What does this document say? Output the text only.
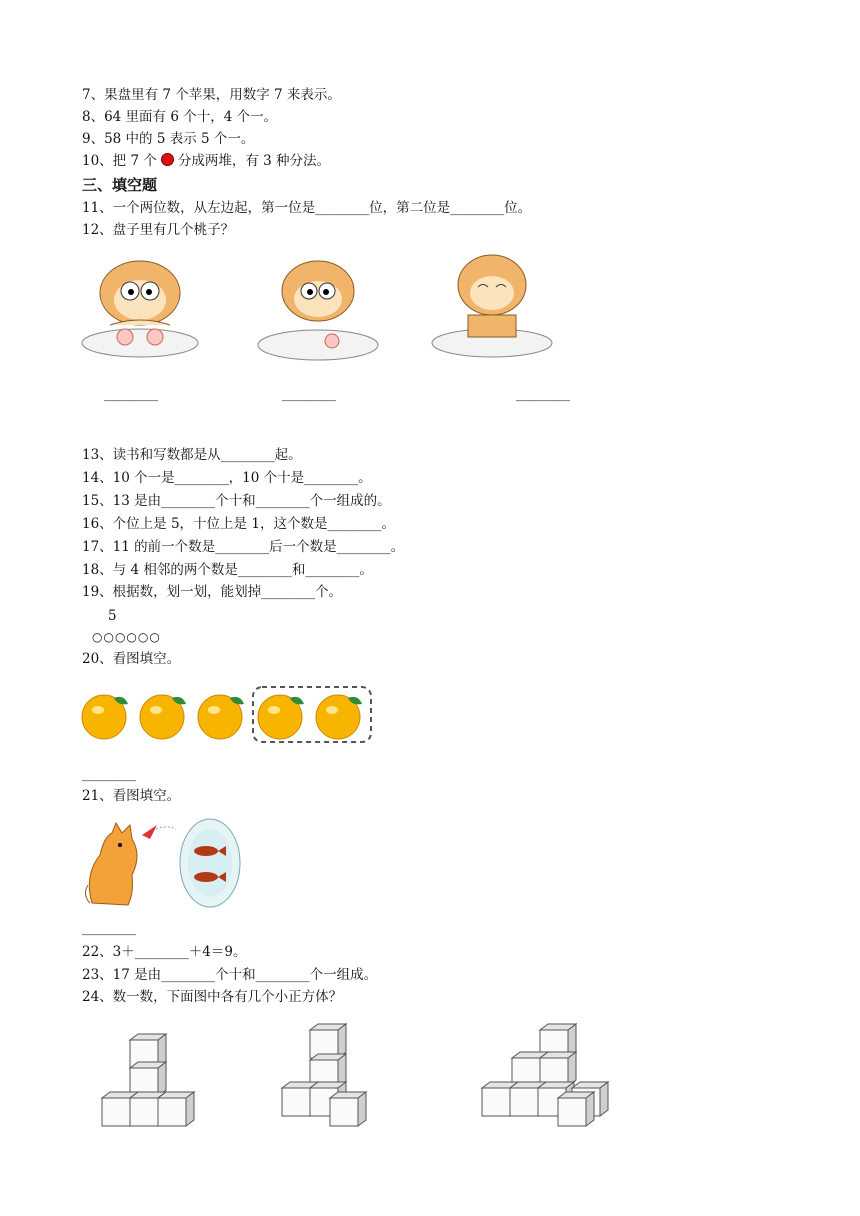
7、果盘里有 7 个苹果，用数字 7 来表示。
8、64 里面有 6 个十，4 个一。
9、58 中的 5 表示 5 个一。
10、把 7 个 分成两堆，有 3 种分法。
三、填空题
11、一个两位数，从左边起，第一位是________位，第二位是________位。
12、盘子里有几个桃子？
________	________	________
13、读书和写数都是从________起。
14、10 个一是________，10 个十是________。
15、13 是由________个十和________个一组成的。
16、个位上是 5，十位上是 1，这个数是________。
17、11 的前一个数是________后一个数是________。
18、与 4 相邻的两个数是________和________。
19、根据数，划一划，能划掉________个。
5
○○○○○○
20、看图填空。
________
21、看图填空。
________
22、3＋________＋4＝9。
23、17 是由________个十和________个一组成。
24、数一数，下面图中各有几个小正方体？
